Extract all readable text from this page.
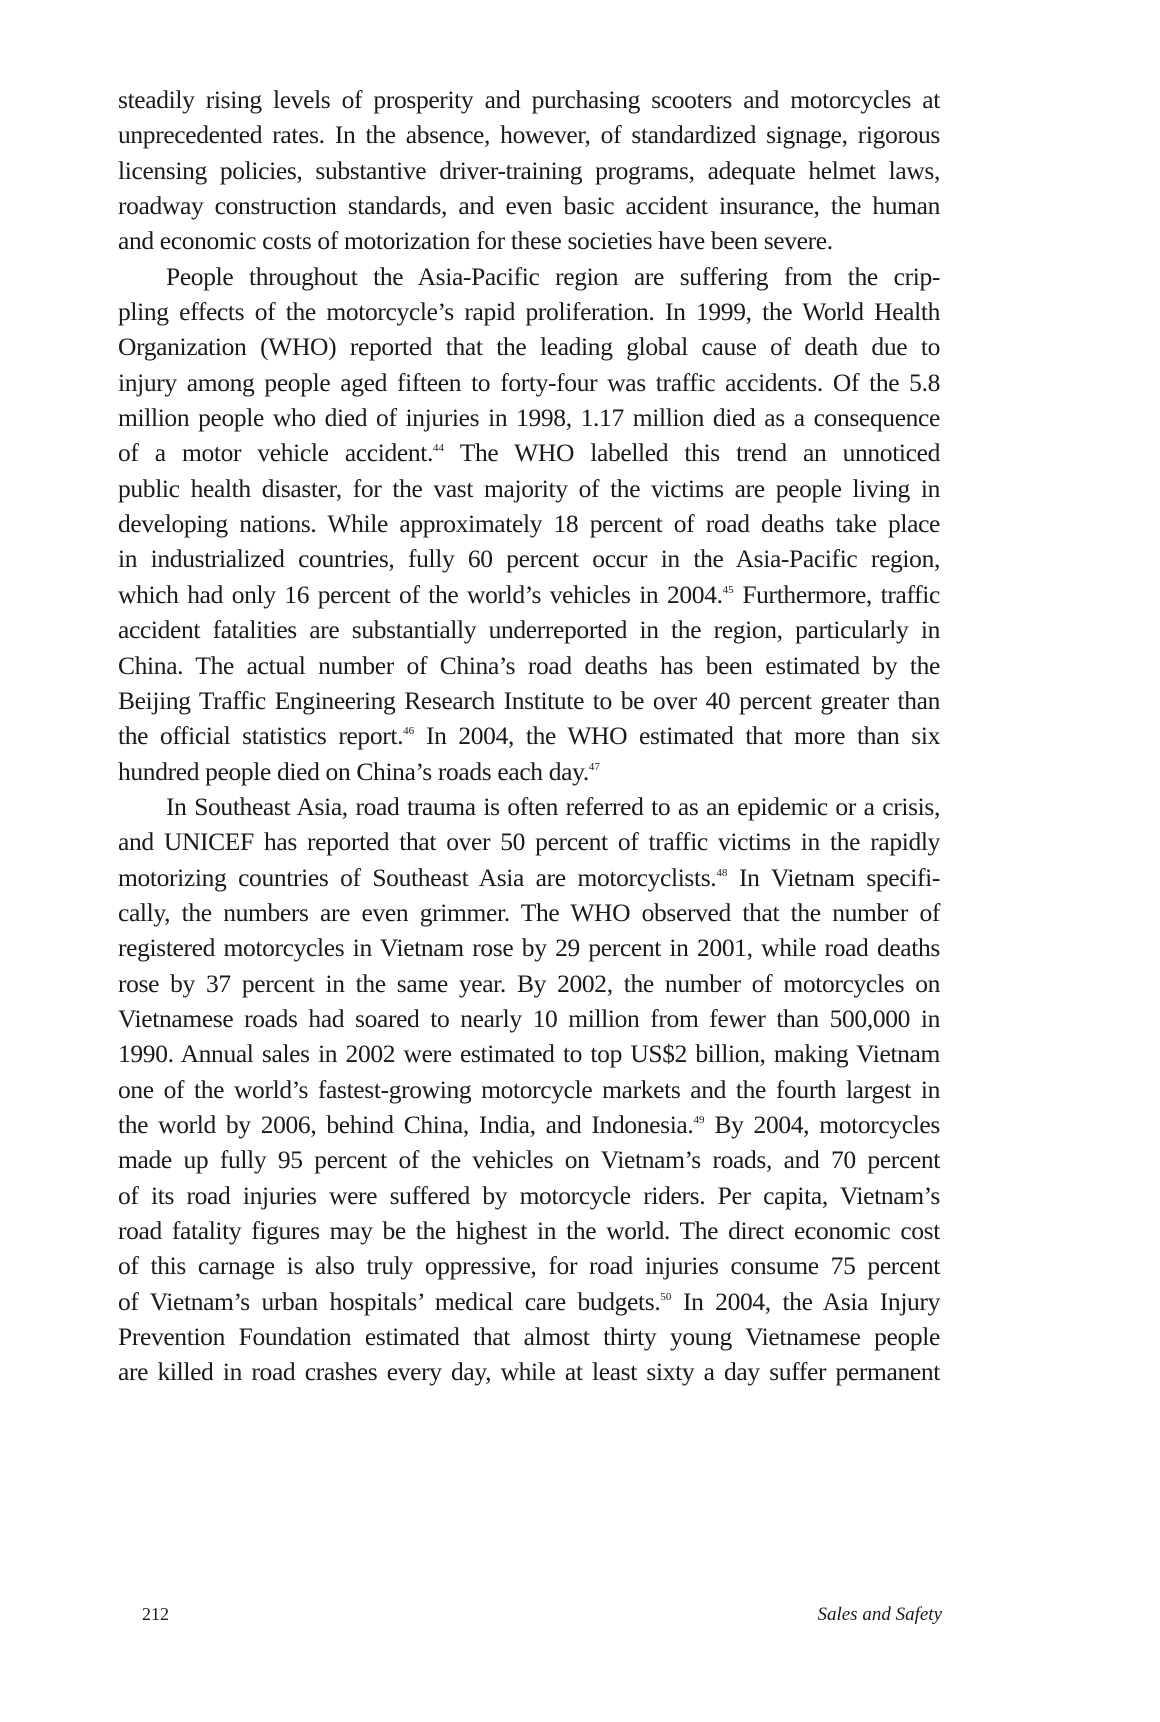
steadily rising levels of prosperity and purchasing scooters and motorcycles at
unprecedented rates. In the absence, however, of standardized signage, rigorous
licensing policies, substantive driver-training programs, adequate helmet laws,
roadway construction standards, and even basic accident insurance, the human
and economic costs of motorization for these societies have been severe.
People throughout the Asia-Pacific region are suffering from the crip-
pling effects of the motorcycle’s rapid proliferation. In 1999, the World Health
Organization (WHO) reported that the leading global cause of death due to
injury among people aged fifteen to forty-four was traffic accidents. Of the 5.8
million people who died of injuries in 1998, 1.17 million died as a consequence
of a motor vehicle accident.$^{44}$ The WHO labelled this trend an unnoticed
public health disaster, for the vast majority of the victims are people living in
developing nations. While approximately 18 percent of road deaths take place
in industrialized countries, fully 60 percent occur in the Asia-Pacific region,
which had only 16 percent of the world’s vehicles in 2004.45 Furthermore, traffic
accident fatalities are substantially underreported in the region, particularly in
China. The actual number of China’s road deaths has been estimated by the
Beijing Traffic Engineering Research Institute to be over 40 percent greater than
the official statistics report.$^{46}$ In 2004, the WHO estimated that more than six
hundred people died on China’s roads each day.$^{47}$
In Southeast Asia, road trauma is often referred to as an epidemic or a crisis,
and UNICEF has reported that over 50 percent of traffic victims in the rapidly
motorizing countries of Southeast Asia are motorcyclists.$^{48}$ In Vietnam specifi-
cally, the numbers are even grimmer. The WHO observed that the number of
registered motorcycles in Vietnam rose by 29 percent in 2001, while road deaths
rose by 37 percent in the same year. By 2002, the number of motorcycles on
Vietnamese roads had soared to nearly 10 million from fewer than 500,000 in
1990. Annual sales in 2002 were estimated to top US$2 billion, making Vietnam
one of the world’s fastest-growing motorcycle markets and the fourth largest in
the world by 2006, behind China, India, and Indonesia.$^{49}$ By 2004, motorcycles
made up fully 95 percent of the vehicles on Vietnam’s roads, and 70 percent
of its road injuries were suffered by motorcycle riders. Per capita, Vietnam’s
road fatality figures may be the highest in the world. The direct economic cost
of this carnage is also truly oppressive, for road injuries consume 75 percent
of Vietnam’s urban hospitals’ medical care budgets.$^{50}$ In 2004, the Asia Injury
Prevention Foundation estimated that almost thirty young Vietnamese people
are killed in road crashes every day, while at least sixty a day suffer permanent
212	Sales and Safety
